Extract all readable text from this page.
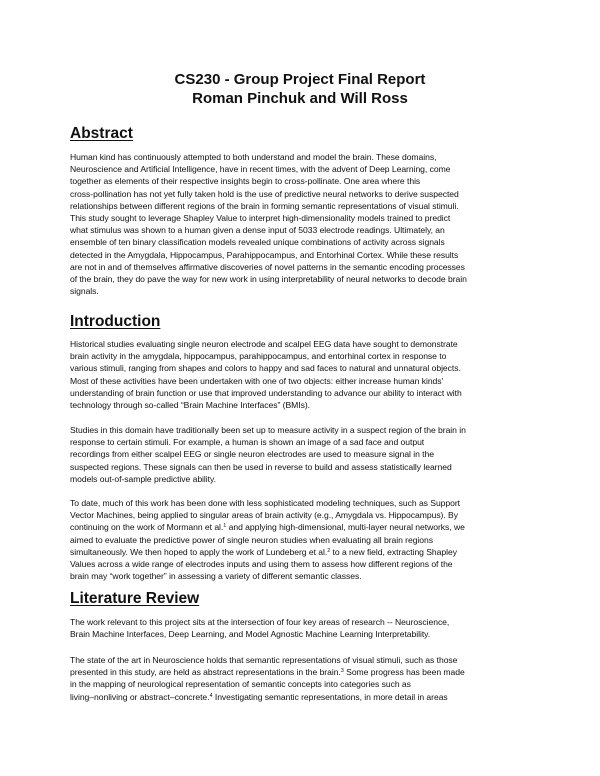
CS230 - Group Project Final Report
Roman Pinchuk and Will Ross
Abstract

Human kind has continuously attempted to both understand and model the brain. These domains,
Neuroscience and Artificial Intelligence, have in recent times, with the advent of Deep Learning, come
together as elements of their respective insights begin to cross-pollinate. One area where this
cross-pollination has not yet fully taken hold is the use of predictive neural networks to derive suspected
relationships between different regions of the brain in forming semantic representations of visual stimuli.
This study sought to leverage Shapley Value to interpret high-dimensionality models trained to predict
what stimulus was shown to a human given a dense input of 5033 electrode readings. Ultimately, an
ensemble of ten binary classification models revealed unique combinations of activity across signals
detected in the Amygdala, Hippocampus, Parahippocampus, and Entorhinal Cortex. While these results
are not in and of themselves affirmative discoveries of novel patterns in the semantic encoding processes
of the brain, they do pave the way for new work in using interpretability of neural networks to decode brain
signals.

Introduction

Historical studies evaluating single neuron electrode and scalpel EEG data have sought to demonstrate
brain activity in the amygdala, hippocampus, parahippocampus, and entorhinal cortex in response to
various stimuli, ranging from shapes and colors to happy and sad faces to natural and unnatural objects.
Most of these activities have been undertaken with one of two objects: either increase human kinds'
understanding of brain function or use that improved understanding to advance our ability to interact with
technology through so-called “Brain Machine Interfaces” (BMIs).

Studies in this domain have traditionally been set up to measure activity in a suspect region of the brain in
response to certain stimuli. For example, a human is shown an image of a sad face and output
recordings from either scalpel EEG or single neuron electrodes are used to measure signal in the
suspected regions. These signals can then be used in reverse to build and assess statistically learned
models out-of-sample predictive ability.

To date, much of this work has been done with less sophisticated modeling techniques, such as Support
Vector Machines, being applied to singular areas of brain activity (e.g., Amygdala vs. Hippocampus). By
continuing on the work of Mormann et al.$^1$ and applying high-dimensional, multi-layer neural networks, we
aimed to evaluate the predictive power of single neuron studies when evaluating all brain regions
simultaneously. We then hoped to apply the work of Lundeberg et al.$^2$ to a new field, extracting Shapley
Values across a wide range of electrodes inputs and using them to assess how different regions of the
brain may “work together” in assessing a variety of different semantic classes.

Literature Review

The work relevant to this project sits at the intersection of four key areas of research -- Neuroscience,
Brain Machine Interfaces, Deep Learning, and Model Agnostic Machine Learning Interpretability.

The state of the art in Neuroscience holds that semantic representations of visual stimuli, such as those
presented in this study, are held as abstract representations in the brain.$^3$ Some progress has been made
in the mapping of neurological representation of semantic concepts into categories such as
living–nonliving or abstract–concrete.$^4$ Investigating semantic representations, in more detail in areas
